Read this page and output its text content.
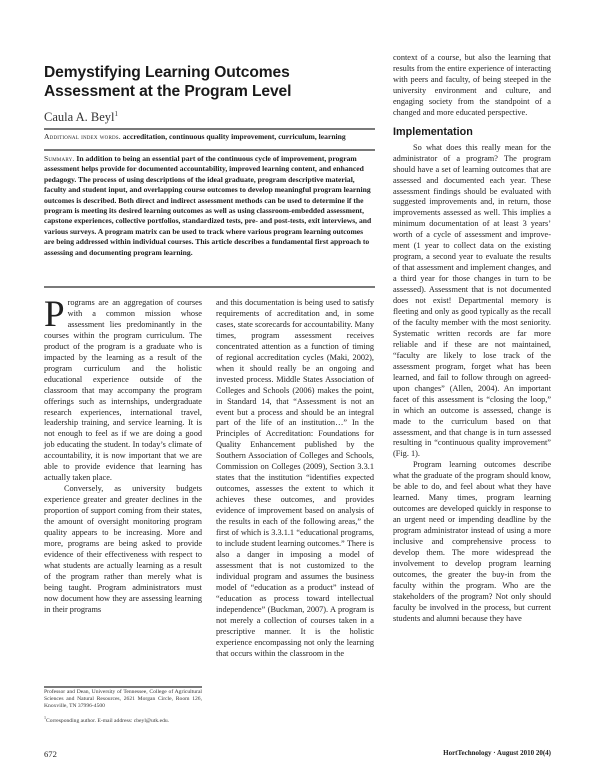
Demystifying Learning Outcomes Assessment at the Program Level
Caula A. Beyl$^1$
Additional index words. accreditation, continuous quality improvement, curriculum, learning
Summary. In addition to being an essential part of the continuous cycle of improvement, program assessment helps provide for documented accountability, improved learning content, and enhanced pedagogy. The process of using descriptions of the ideal graduate, program descriptive material, faculty and student input, and overlapping course outcomes to develop meaningful program learning outcomes is described. Both direct and indirect assessment methods can be used to determine if the program is meeting its desired learning outcomes as well as using classroom-embedded assessment, capstone experiences, collective portfolios, standardized tests, pre- and post-tests, exit interviews, and various surveys. A program matrix can be used to track where various program learning outcomes are being addressed within individual courses. This article describes a fundamental first approach to assessing and documenting program learning.

Programs are an aggregation of courses with a common mission whose assessment lies predominantly in the courses within the program curriculum. The product of the program is a graduate who is impacted by the learning as a result of the program curriculum and the holistic educational experience outside of the classroom that may accompany the program offerings such as internships, undergraduate research experiences, international travel, leadership training, and service learning. It is not enough to feel as if we are doing a good job educating the student. In today’s climate of accountability, it is now important that we are able to provide evidence that learning has actually taken place.

Conversely, as university budgets experience greater and greater declines in the proportion of support coming from their states, the amount of oversight monitoring program quality appears to be increasing. More and more, programs are being asked to provide evidence of their effectiveness with respect to what students are actually learning as a result of the program rather than merely what is being taught. Program administrators must now document how they are assessing learning in their programs

and this documentation is being used to satisfy requirements of accreditation and, in some cases, state scorecards for accountability. Many times, program assessment receives concentrated attention as a function of timing of regional accreditation cycles (Maki, 2002), when it should really be an ongoing and invested process. Middle States Association of Colleges and Schools (2006) makes the point, in Standard 14, that “Assessment is not an event but a process and should be an integral part of the life of an institution…” In the Principles of Accreditation: Foundations for Quality Enhancement published by the Southern Association of Colleges and Schools, Commission on Colleges (2009), Section 3.3.1 states that the institution “identifies expected outcomes, assesses the extent to which it achieves these outcomes, and provides evidence of improvement based on analysis of the results in each of the following areas,” the first of which is 3.3.1.1 “educational programs, to include student learning outcomes.” There is also a danger in imposing a model of assessment that is not customized to the individual program and assumes the business model of “education as a product” instead of “education as process toward intellectual independence” (Buckman, 2007). A program is not merely a collection of courses taken in a prescriptive manner. It is the holistic experience encompassing not only the learning that occurs within the classroom in the

context of a course, but also the learning that results from the entire experience of interacting with peers and faculty, of being steeped in the university environment and culture, and engaging society from the standpoint of a changed and more educated perspective.

Implementation

So what does this really mean for the administrator of a program? The program should have a set of learning outcomes that are assessed and documented each year. These assessment findings should be evaluated with suggested improvements and, in return, those improvements assessed as well. This implies a minimum documentation of at least 3 years’ worth of a cycle of assessment and improvement (1 year to collect data on the existing program, a second year to evaluate the results of that assessment and implement changes, and a third year for those changes in turn to be assessed). Assessment that is not documented does not exist! Departmental memory is fleeting and only as good typically as the recall of the faculty member with the most seniority. Systematic written records are far more reliable and if these are not maintained, “faculty are likely to lose track of the assessment program, forget what has been learned, and fail to follow through on agreed-upon changes” (Allen, 2004). An important facet of this assessment is “closing the loop,” in which an outcome is assessed, change is made to the curriculum based on that assessment, and that change is in turn assessed resulting in “continuous quality improvement” (Fig. 1).

Program learning outcomes describe what the graduate of the program should know, be able to do, and feel about what they have learned. Many times, program learning outcomes are developed quickly in response to an urgent need or impending deadline by the program administrator instead of using a more inclusive and comprehensive process to develop them. The more widespread the involvement to develop program learning outcomes, the greater the buy-in from the faculty within the program. Who are the stakeholders of the program? Not only should faculty be involved in the process, but current students and alumni because they have

Professor and Dean, University of Tennessee, College of Agricultural Sciences and Natural Resources, 2621 Morgan Circle, Room 126, Knoxville, TN 37996-4500

$^1$Corresponding author. E-mail address: cbeyl@utk.edu.

672	HortTechnology · August 2010 20(4)
